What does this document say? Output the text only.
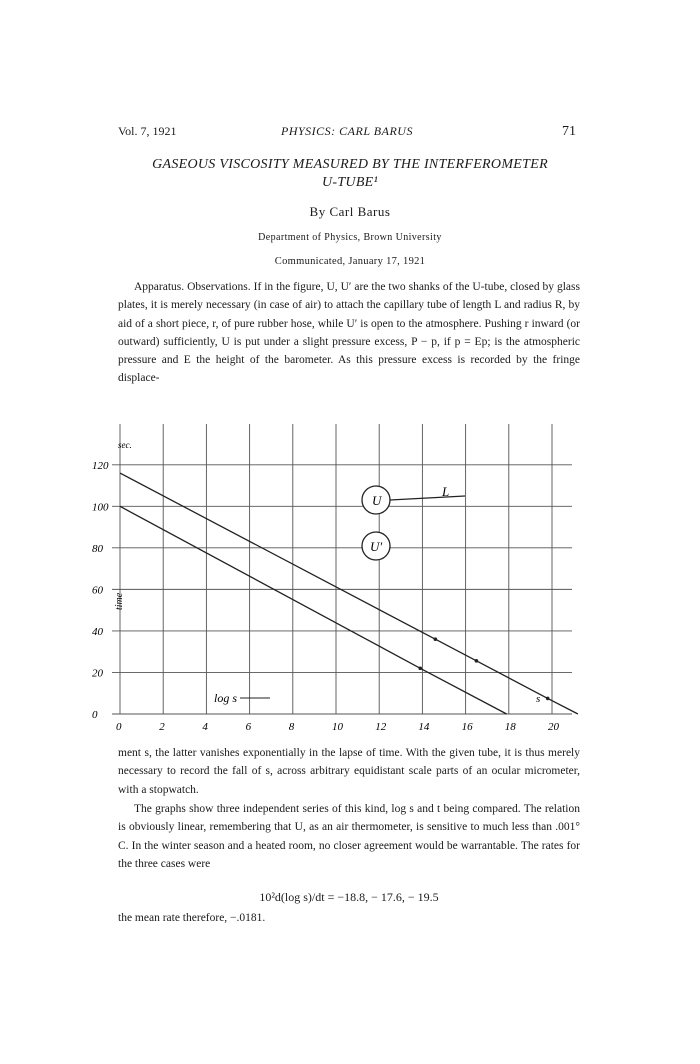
Vol. 7, 1921	PHYSICS: CARL BARUS	71
GASEOUS VISCOSITY MEASURED BY THE INTERFEROMETER
U-TUBE¹
By Carl Barus
Department of Physics, Brown University
Communicated, January 17, 1921
Apparatus. Observations. If in the figure, U, U′ are the two shanks of the U-tube, closed by glass plates, it is merely necessary (in case of air) to attach the capillary tube of length L and radius R, by aid of a short piece, r, of pure rubber hose, while U′ is open to the atmosphere. Pushing r inward (or outward) sufficiently, U is put under a slight pressure excess, P − p, if p = Ep; is the atmospheric pressure and E the height of the barometer. As this pressure excess is recorded by the fringe displace-
0	2	4	6	8	10	12	14	16	18	20
0
20
40
60
80
100
120
U
U′
L
log s
time
sec.
s
ment s, the latter vanishes exponentially in the lapse of time. With the given tube, it is thus merely necessary to record the fall of s, across arbitrary equidistant scale parts of an ocular micrometer, with a stopwatch.
The graphs show three independent series of this kind, log s and t being compared. The relation is obviously linear, remembering that U, as an air thermometer, is sensitive to much less than .001° C. In the winter season and a heated room, no closer agreement would be warrantable. The rates for the three cases were
10²d(log s)/dt = −18.8, − 17.6, − 19.5
the mean rate therefore, −.0181.
